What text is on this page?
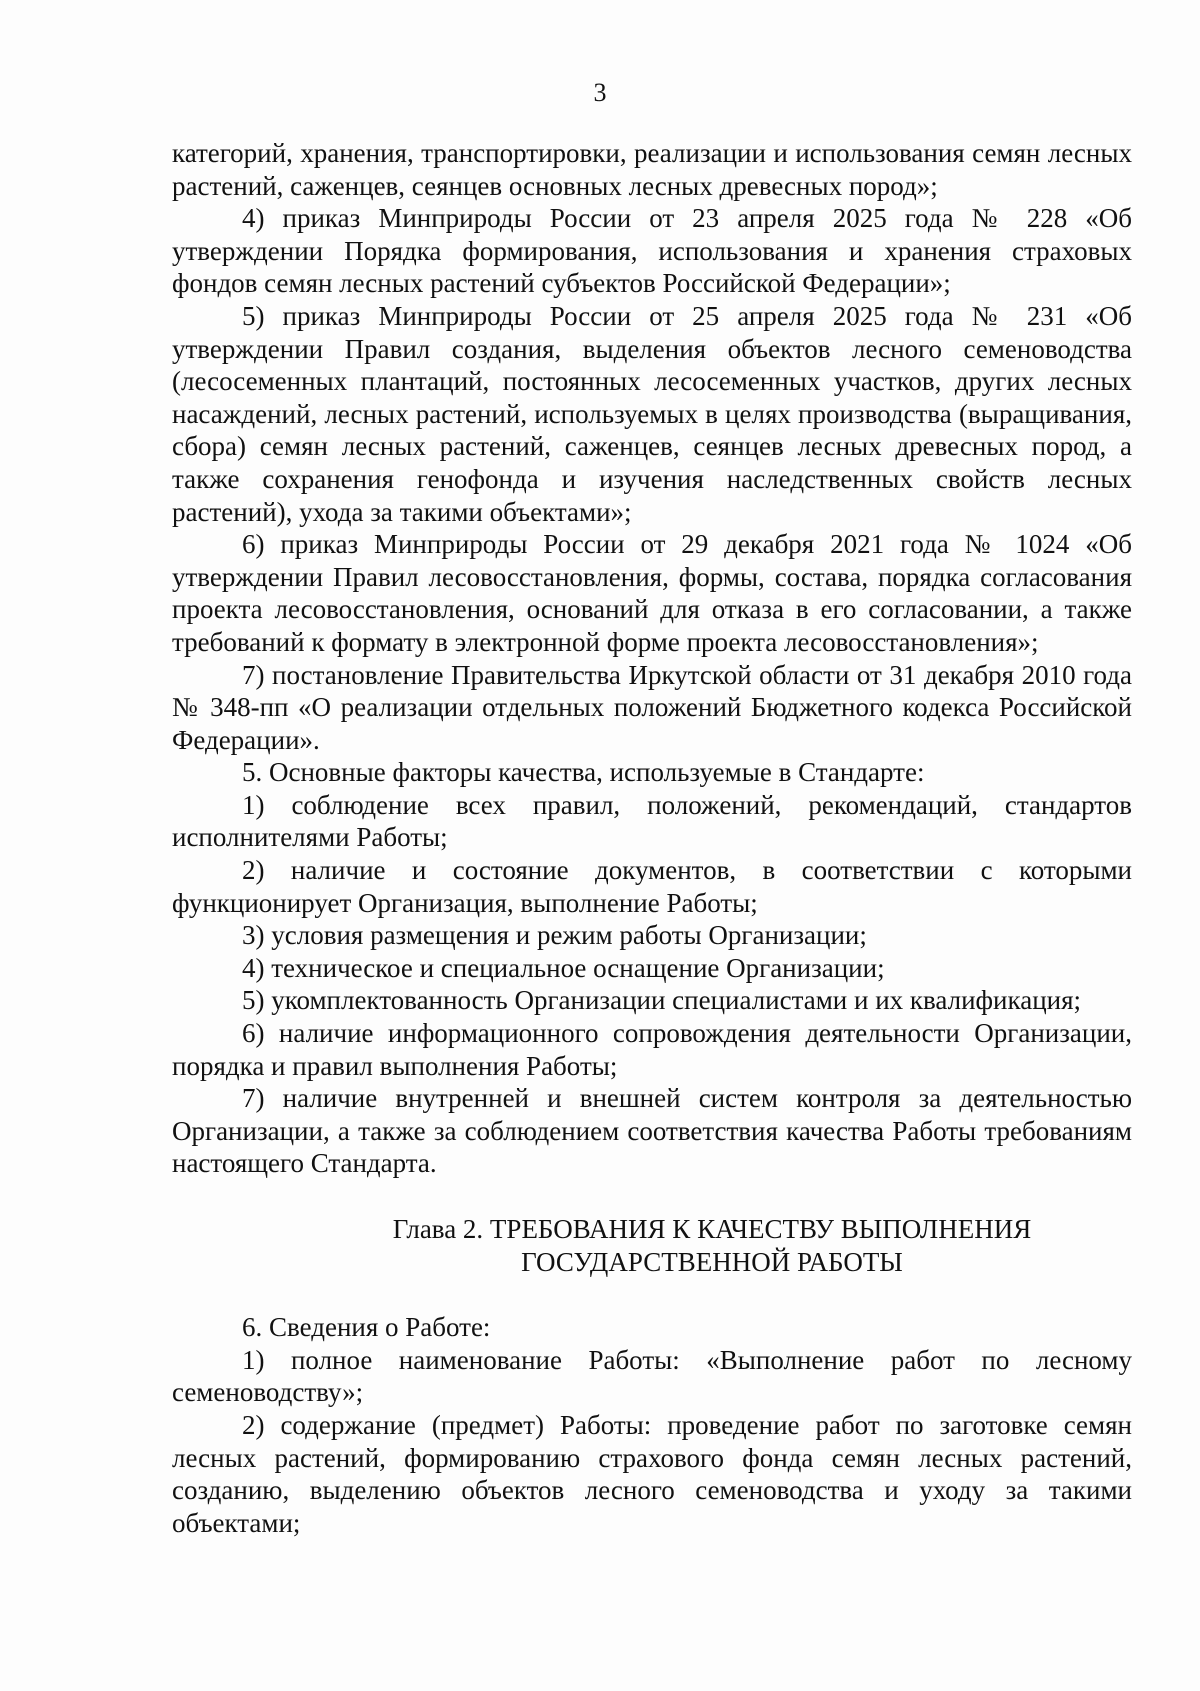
3

категорий, хранения, транспортировки, реализации и использования семян лесных растений, саженцев, сеянцев основных лесных древесных пород»;

4) приказ Минприроды России от 23 апреля 2025 года № 228 «Об утверждении Порядка формирования, использования и хранения страховых фондов семян лесных растений субъектов Российской Федерации»;

5) приказ Минприроды России от 25 апреля 2025 года № 231 «Об утверждении Правил создания, выделения объектов лесного семеноводства (лесосеменных плантаций, постоянных лесосеменных участков, других лесных насаждений, лесных растений, используемых в целях производства (выращивания, сбора) семян лесных растений, саженцев, сеянцев лесных древесных пород, а также сохранения генофонда и изучения наследственных свойств лесных растений), ухода за такими объектами»;

6) приказ Минприроды России от 29 декабря 2021 года № 1024 «Об утверждении Правил лесовосстановления, формы, состава, порядка согласования проекта лесовосстановления, оснований для отказа в его согласовании, а также требований к формату в электронной форме проекта лесовосстановления»;

7) постановление Правительства Иркутской области от 31 декабря 2010 года № 348-пп «О реализации отдельных положений Бюджетного кодекса Российской Федерации».

5. Основные факторы качества, используемые в Стандарте:

1) соблюдение всех правил, положений, рекомендаций, стандартов исполнителями Работы;

2) наличие и состояние документов, в соответствии с которыми функционирует Организация, выполнение Работы;

3) условия размещения и режим работы Организации;

4) техническое и специальное оснащение Организации;

5) укомплектованность Организации специалистами и их квалификация;

6) наличие информационного сопровождения деятельности Организации, порядка и правил выполнения Работы;

7) наличие внутренней и внешней систем контроля за деятельностью Организации, а также за соблюдением соответствия качества Работы требованиям настоящего Стандарта.

Глава 2. ТРЕБОВАНИЯ К КАЧЕСТВУ ВЫПОЛНЕНИЯ
ГОСУДАРСТВЕННОЙ РАБОТЫ

6. Сведения о Работе:

1) полное наименование Работы: «Выполнение работ по лесному семеноводству»;

2) содержание (предмет) Работы: проведение работ по заготовке семян лесных растений, формированию страхового фонда семян лесных растений, созданию, выделению объектов лесного семеноводства и уходу за такими объектами;
